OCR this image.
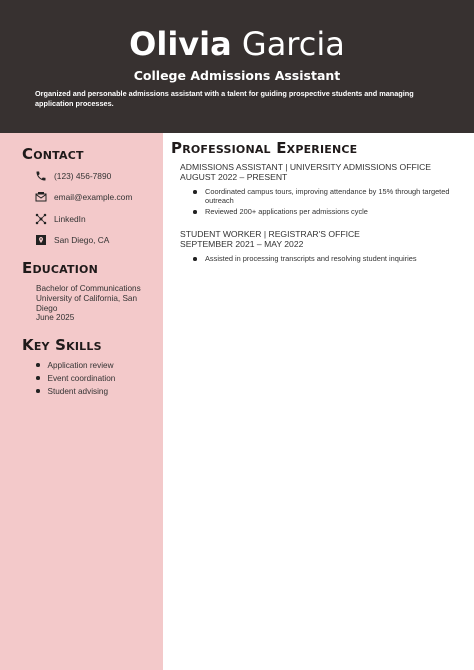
Olivia Garcia
College Admissions Assistant
Organized and personable admissions assistant with a talent for guiding prospective students and managing application processes.
Contact
(123) 456-7890
email@example.com
LinkedIn
San Diego, CA
Education
Bachelor of Communications
University of California, San Diego
June 2025
Key Skills
Application review
Event coordination
Student advising
Professional Experience
ADMISSIONS ASSISTANT | UNIVERSITY ADMISSIONS OFFICE
AUGUST 2022 – PRESENT
Coordinated campus tours, improving attendance by 15% through targeted outreach
Reviewed 200+ applications per admissions cycle
STUDENT WORKER | REGISTRAR'S OFFICE
SEPTEMBER 2021 – MAY 2022
Assisted in processing transcripts and resolving student inquiries
